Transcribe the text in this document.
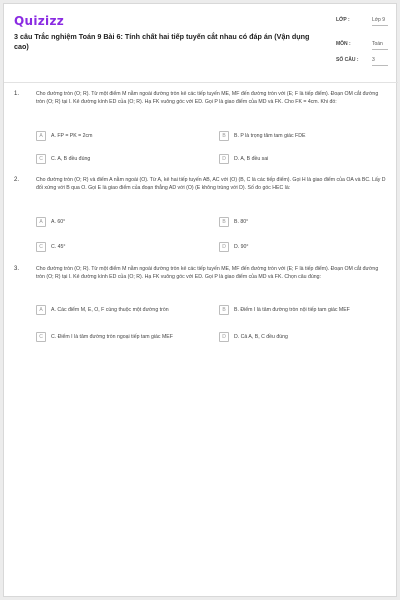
Quizizz
3 câu Trắc nghiệm Toán 9 Bài 6: Tính chất hai tiếp tuyến cắt nhau có đáp án (Vận dụng cao)
LỚP :	Lớp 9
MÔN :	Toán
SỐ CÂU :	3
1.	Cho đường tròn (O; R). Từ một điểm M nằm ngoài đường tròn kẻ các tiếp tuyến ME, MF đến đường tròn với (E; F là tiếp điểm). Đoạn OM cắt đường tròn (O; R) tại I. Kẻ đường kính ED của (O; R). Hạ FK vuông góc với ED. Gọi P là giao điểm của MD và FK. Cho FK = 4cm. Khi đó:
A	A. FP = PK = 2cm	B	B. P là trọng tâm tam giác FDE
C	C. A, B đều đúng	D	D. A, B đều sai
2.	Cho đường tròn (O; R) và điểm A nằm ngoài (O). Từ A, kẻ hai tiếp tuyến AB, AC với (O) (B, C là các tiếp điểm). Gọi H là giao điểm của OA và BC. Lấy D đối xứng với B qua O. Gọi E là giao điểm của đoạn thẳng AD với (O) (E không trùng với D). Số đo góc HEC là:
A	A. 60°	B	B. 80°
C	C. 45°	D	D. 90°
3.	Cho đường tròn (O; R). Từ một điểm M nằm ngoài đường tròn kẻ các tiếp tuyến ME, MF đến đường tròn với (E; F là tiếp điểm). Đoạn OM cắt đường tròn (O; R) tại I. Kẻ đường kính ED của (O; R). Hạ FK vuông góc với ED. Gọi P là giao điểm của MD và FK. Chọn câu đúng:
A	A. Các điểm M, E, O, F cùng thuộc một đường tròn	B	B. Điểm I là tâm đường tròn nội tiếp tam giác MEF
C	C. Điểm I là tâm đường tròn ngoại tiếp tam giác MEF	D	D. Cả A, B, C đều đúng
